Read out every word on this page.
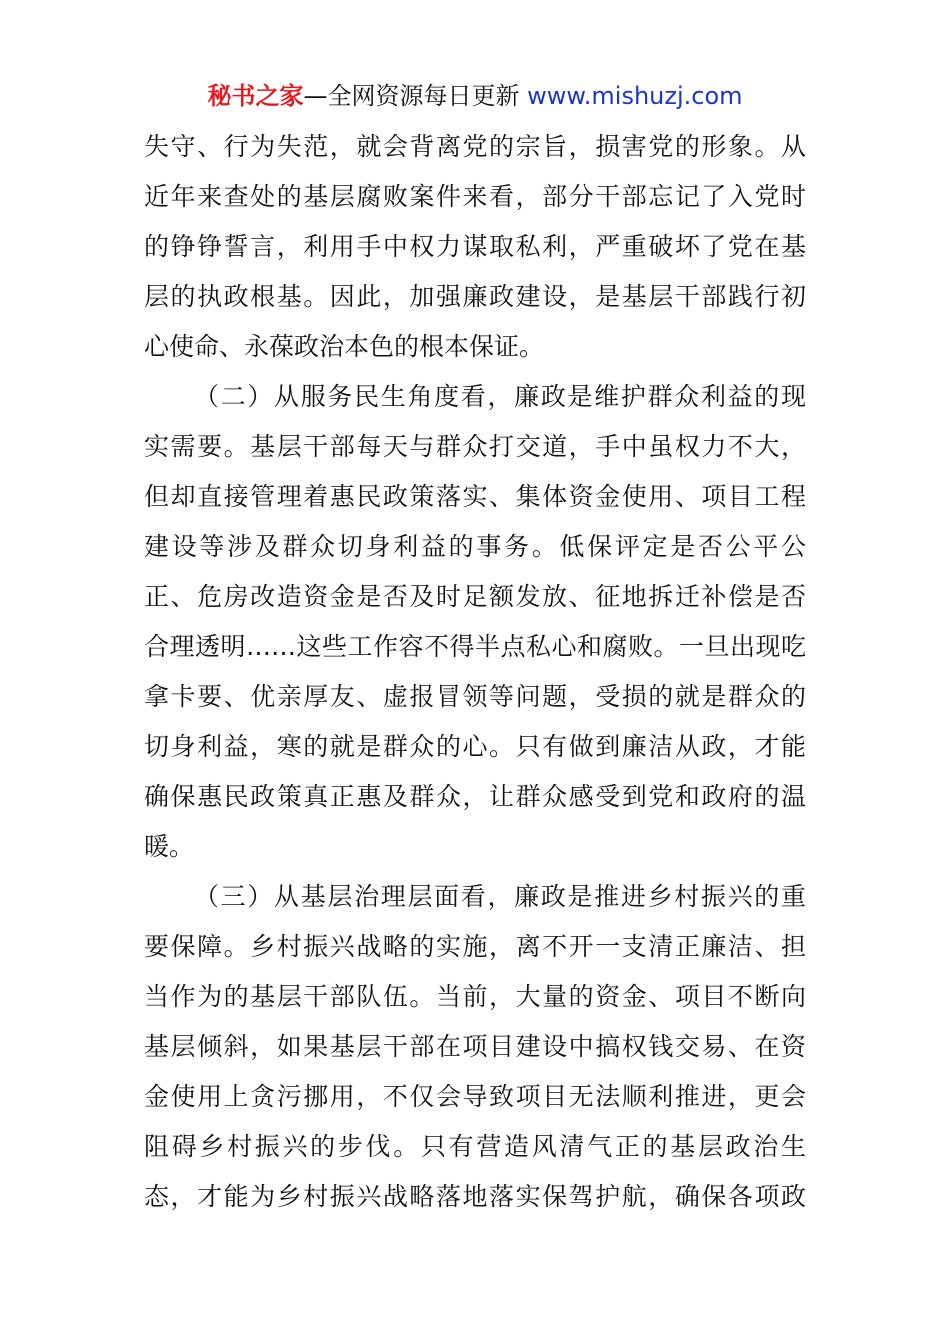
秘书之家—全网资源每日更新 www.mishuzj.com
失守、行为失范，就会背离党的宗旨，损害党的形象。从
近年来查处的基层腐败案件来看，部分干部忘记了入党时
的铮铮誓言，利用手中权力谋取私利，严重破坏了党在基
层的执政根基。因此，加强廉政建设，是基层干部践行初
心使命、永葆政治本色的根本保证。
（二）从服务民生角度看，廉政是维护群众利益的现
实需要。基层干部每天与群众打交道，手中虽权力不大，
但却直接管理着惠民政策落实、集体资金使用、项目工程
建设等涉及群众切身利益的事务。低保评定是否公平公
正、危房改造资金是否及时足额发放、征地拆迁补偿是否
合理透明……这些工作容不得半点私心和腐败。一旦出现吃
拿卡要、优亲厚友、虚报冒领等问题，受损的就是群众的
切身利益，寒的就是群众的心。只有做到廉洁从政，才能
确保惠民政策真正惠及群众，让群众感受到党和政府的温
暖。
（三）从基层治理层面看，廉政是推进乡村振兴的重
要保障。乡村振兴战略的实施，离不开一支清正廉洁、担
当作为的基层干部队伍。当前，大量的资金、项目不断向
基层倾斜，如果基层干部在项目建设中搞权钱交易、在资
金使用上贪污挪用，不仅会导致项目无法顺利推进，更会
阻碍乡村振兴的步伐。只有营造风清气正的基层政治生
态，才能为乡村振兴战略落地落实保驾护航，确保各项政
